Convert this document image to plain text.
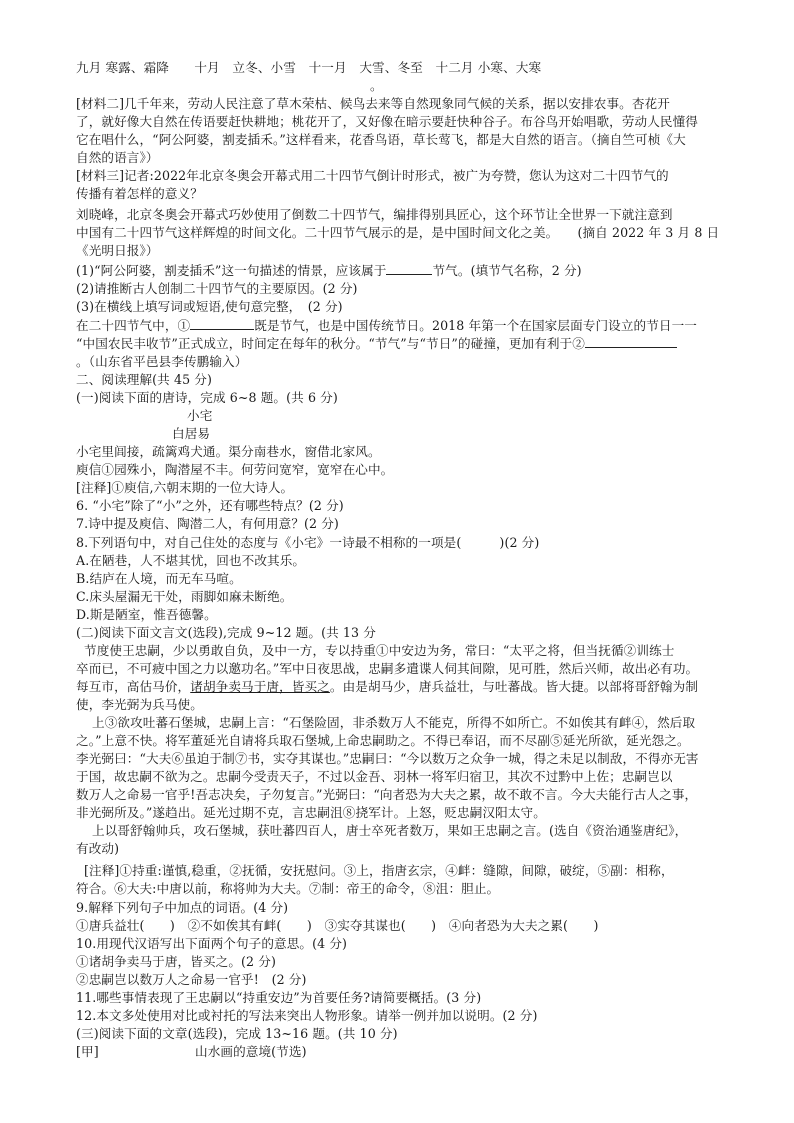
九月 寒露、霜降　　十月　立冬、小雪　十一月　大雪、冬至　十二月 小寒、大寒
。
[材料二]几千年来，劳动人民注意了草木荣枯、候鸟去来等自然现象同气候的关系，据以安排农事。杏花开
了，就好像大自然在传语要赶快耕地；桃花开了，又好像在暗示要赶快种谷子。布谷鸟开始唱歌，劳动人民懂得
它在唱什么，“阿公阿婆，割麦插禾。”这样看来，花香鸟语，草长莺飞，都是大自然的语言。（摘自竺可桢《大
自然的语言》）
[材料三]记者:2022年北京冬奥会开幕式用二十四节气倒计时形式，被广为夸赞，您认为这对二十四节气的
传播有着怎样的意义？
刘晓峰，北京冬奥会开幕式巧妙使用了倒数二十四节气，编排得别具匠心，这个环节让全世界一下就注意到
中国有二十四节气这样辉煌的时间文化。二十四节气展示的是，是中国时间文化之美。　　(摘自 2022 年 3 月 8 日
《光明日报》）
(1)“阿公阿婆，割麦插禾”这一句描述的情景，应该属于	节气。(填节气名称，2 分)
(2)请推断古人创制二十四节气的主要原因。(2 分)
(3)在横线上填写词或短语,使句意完整，　(2 分)
在二十四节气中，①	既是节气，也是中国传统节日。2018 年第一个在国家层面专门设立的节日一一
“中国农民丰收节”正式成立，时间定在每年的秋分。“节气”与“节日”的碰撞，更加有利于②
。（山东省平邑县李传鹏输入）
二、阅读理解(共 45 分)
(一)阅读下面的唐诗，完成 6~8 题。(共 6 分)
小宅
白居易
小宅里闾接，疏篱鸡犬通。渠分南巷水，窗借北家风。
庾信①园殊小，陶潜屋不丰。何劳问宽窄，宽窄在心中。
[注释]①庾信,六朝末期的一位大诗人。
6. “小宅”除了“小”之外，还有哪些特点？(2 分)
7.诗中提及庾信、陶潜二人，有何用意？(2 分)
8.下列语句中，对自己住处的态度与《小宅》一诗最不相称的一项是(　　　)(2 分)
A.在陋巷，人不堪其忧，回也不改其乐。
B.结庐在人境，而无车马喧。
C.床头屋漏无干处，雨脚如麻未断绝。
D.斯是陋室，惟吾德馨。
(二)阅读下面文言文(选段),完成 9~12 题。(共 13 分
节度使王忠嗣，少以勇敢自负，及中一方，专以持重①中安边为务，常曰：“太平之将，但当抚循②训练士
卒而已，不可疲中国之力以邀功名。”军中日夜思战，忠嗣多遣谍人伺其间隙，见可胜，然后兴师，故出必有功。
每互市，高估马价，诸胡争卖马于唐，皆买之。由是胡马少，唐兵益壮，与吐蕃战。皆大捷。以部将哥舒翰为制
使，李光弼为兵马使。
上③欲攻吐蕃石堡城，忠嗣上言：“石堡险固，非杀数万人不能克，所得不如所亡。不如俟其有衅④，然后取
之。”上意不快。将军董延光自请将兵取石堡城,上命忠嗣助之。不得已奉诏，而不尽副⑤延光所欲，延光怨之。
李光弼曰：“大夫⑥虽迫于制⑦书，实夺其谋也。”忠嗣曰：“今以数万之众争一城，得之未足以制敌，不得亦无害
于国，故忠嗣不欲为之。忠嗣今受责天子，不过以金吾、羽林一将军归宿卫，其次不过黔中上佐；忠嗣岂以
数万人之命易一官乎!吾志决矣，子勿复言。”光弼曰：“向者恐为大夫之累，故不敢不言。今大夫能行古人之事，
非光弼所及。”遂趋出。延光过期不克，言忠嗣沮⑧挠军计。上怒，贬忠嗣汉阳太守。
上以哥舒翰帅兵，攻石堡城，获吐蕃四百人，唐士卒死者数万，果如王忠嗣之言。(选自《资治通鉴唐纪》，
有改动)
[注释]①持重:谨慎,稳重，②抚循，安抚慰问。③上，指唐玄宗，④衅：缝隙，间隙，破绽，⑤副：相称，
符合。⑥大夫:中唐以前，称将帅为大夫。⑦制：帝王的命令，⑧沮：胆止。
9.解释下列句子中加点的词语。(4 分)
①唐兵益壮(　　)　②不如俟其有衅(　　)　③实夺其谋也(　　)　④向者恐为大夫之累(　　)
10.用现代汉语写出下面两个句子的意思。(4 分)
①诸胡争卖马于唐，皆买之。(2 分)
②忠嗣岂以数万人之命易一官乎!　(2 分)
11.哪些事情表现了王忠嗣以“持重安边”为首要任务?请简要概括。(3 分)
12.本文多处使用对比或衬托的写法来突出人物形象。请举一例并加以说明。(2 分)
(三)阅读下面的文章(选段)，完成 13~16 题。(共 10 分)
[甲]	山水画的意境(节选)
